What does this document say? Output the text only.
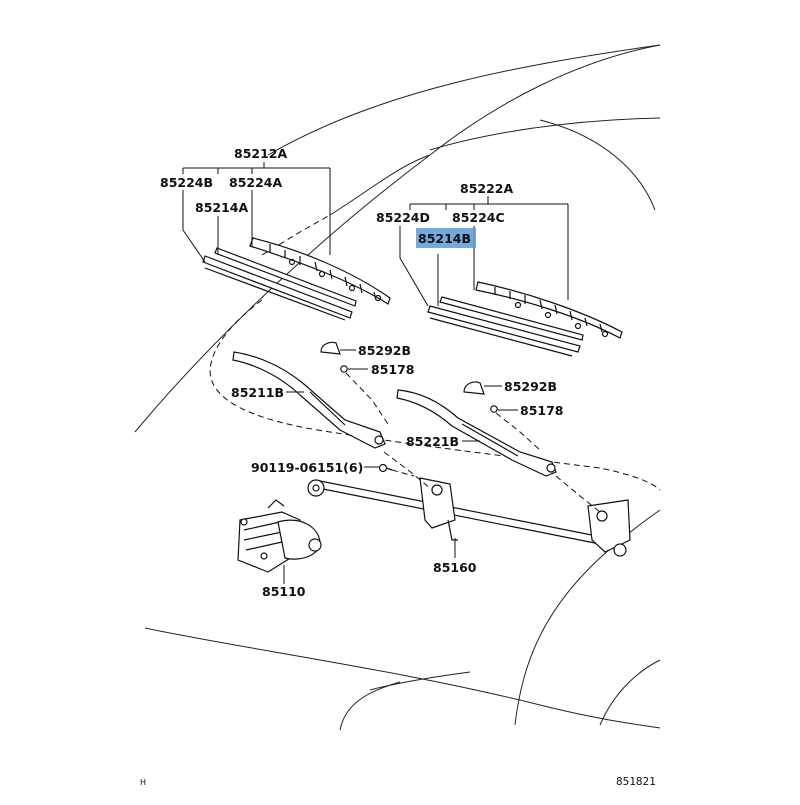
85212A
85224B 85224A
85214A
85222A
85224D 85224C
85214B
85292B
85178
85211B	85292B
85178
85221B
90119-06151(6)
85160
85110
H	851821
